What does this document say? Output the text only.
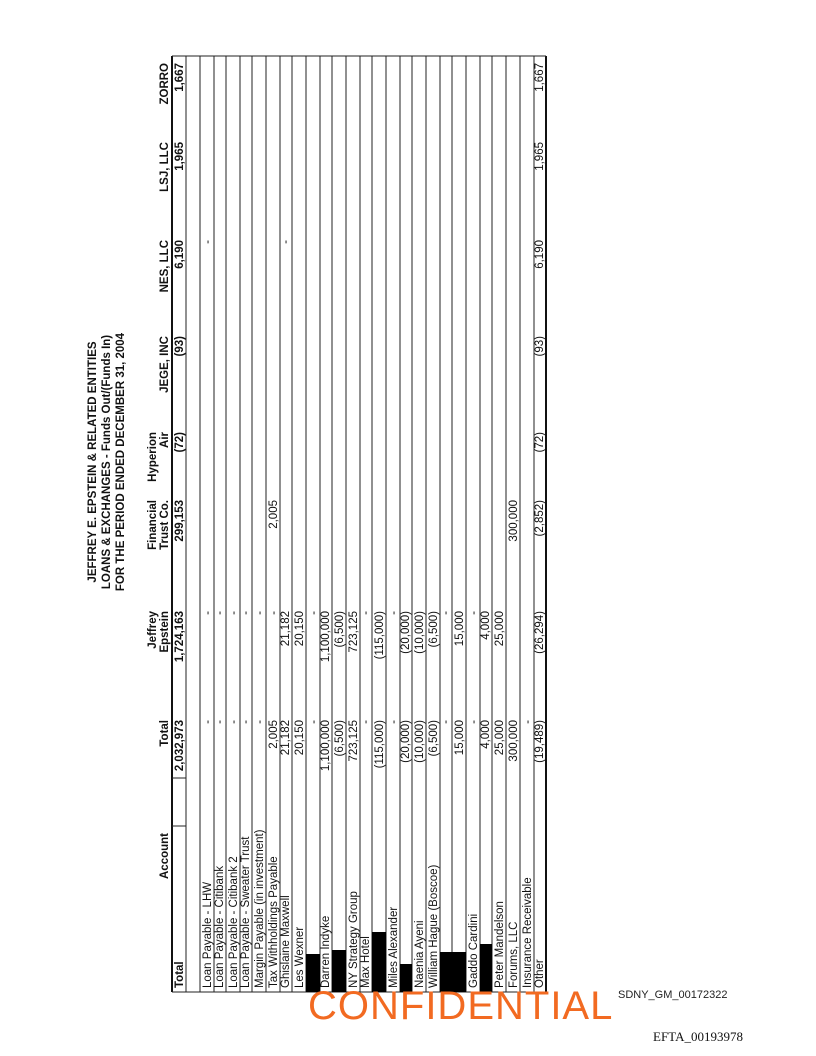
JEFFREY E. EPSTEIN & RELATED ENTITIES LOANS & EXCHANGES - Funds Out/(Funds In) FOR THE PERIOD ENDED DECEMBER 31, 2004
Account
Total
Jeffrey Epstein
Financial Trust Co.
Hyperion Air
JEGE, INC
NES, LLC
LSJ, LLC
ZORRO
Total
2,032,973
1,724,163
299,153
(72)
(93)
6,190
1,965
1,667
Loan Payable - LHW
-
-
-
Loan Payable - Citibank
-
-
Loan Payable - Citibank 2
-
-
Loan Payable - Sweater Trust
-
-
Margin Payable (in investment)
-
-
Tax Withholdings Payable
2,005
-
2,005
Ghislaine Maxwell
21,182
21,182
-
Les Wexner
20,150
20,150
-
-
Darren Indyke
1,100,000
1,100,000
(6,500)
(6,500)
NY Strategy Group
723,125
723,125
Max Hotel
-
-
(115,000)
(115,000)
Miles Alexander
-
-
(20,000)
(20,000)
Naenia Ayeni
(10,000)
(10,000)
William Hague (Boscoe)
(6,500)
(6,500)
-
-
15,000
15,000
Gaddo Cardini
-
-
4,000
4,000
Peter Mandelson
25,000
25,000
Forums, LLC
300,000
300,000
Insurance Receivable
-
Other
(19,489)
(26,294)
(2,852)
(72)
(93)
6,190
1,965
1,667
CONFIDENTIAL SDNY_GM_00172322
EFTA_00193978
